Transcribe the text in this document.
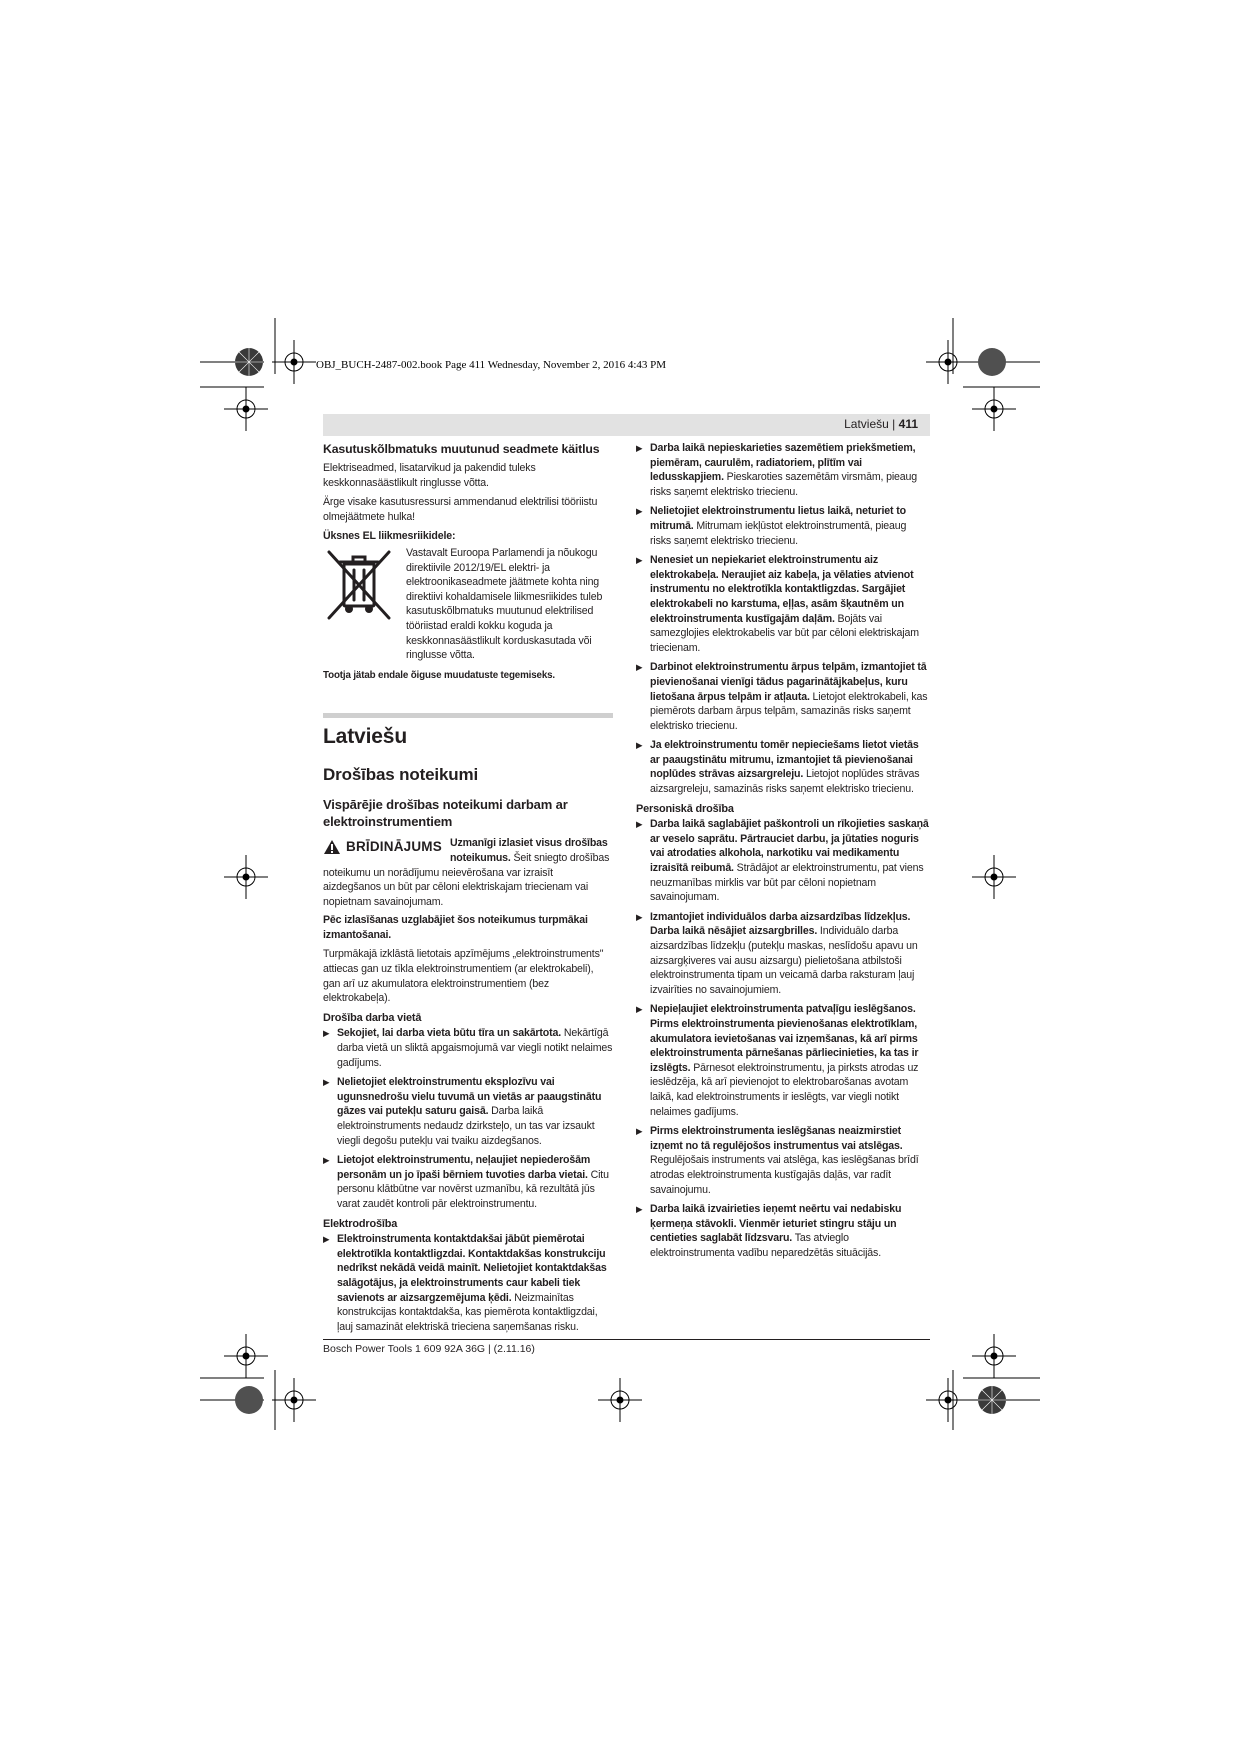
OBJ_BUCH-2487-002.book Page 411 Wednesday, November 2, 2016 4:43 PM
Latviešu | 411
Kasutuskõlbmatuks muutunud seadmete käitlus

Elektriseadmed, lisatarvikud ja pakendid tuleks keskkonnasäästlikult ringlusse võtta.

Ärge visake kasutusressursi ammendanud elektrilisi tööriistu olmejäätmete hulka!

Üksnes EL liikmesriikidele:
Vastavalt Euroopa Parlamendi ja nõukogu direktiivile 2012/19/EL elektri- ja elektroonikaseadmete jäätmete kohta ning direktiivi kohaldamisele liikmesriikides tuleb kasutuskõlbmatuks muutunud elektrilised tööriistad eraldi kokku koguda ja keskkonnasäästlikult korduskasutada või ringlusse võtta.

Tootja jätab endale õiguse muudatuste tegemiseks.

Latviešu
Drošības noteikumi
Vispārējie drošības noteikumi darbam ar elektroinstrumentiem
BRĪDINĀJUMS Uzmanīgi izlasiet visus drošības noteikumus. Šeit sniegto drošības noteikumu un norādījumu neievērošana var izraisīt aizdegšanos un būt par cēloni elektriskajam triecienam vai nopietnam savainojumam.

Pēc izlasīšanas uzglabājiet šos noteikumus turpmākai izmantošanai.

Turpmākajā izklāstā lietotais apzīmējums „elektroinstruments" attiecas gan uz tīkla elektroinstrumentiem (ar elektrokabeli), gan arī uz akumulatora elektroinstrumentiem (bez elektrokabeļa).

Drošība darba vietā
▶ Sekojiet, lai darba vieta būtu tīra un sakārtota. Nekārtīgā darba vietā un sliktā apgaismojumā var viegli notikt nelaimes gadījums.
▶ Nelietojiet elektroinstrumentu eksplozīvu vai ugunsnedrošu vielu tuvumā un vietās ar paaugstinātu gāzes vai putekļu saturu gaisā. Darba laikā elektroinstruments nedaudz dzirksteļo, un tas var izsaukt viegli degošu putekļu vai tvaiku aizdegšanos.
▶ Lietojot elektroinstrumentu, neļaujiet nepiederošām personām un jo īpaši bērniem tuvoties darba vietai. Citu personu klātbūtne var novērst uzmanību, kā rezultātā jūs varat zaudēt kontroli pār elektroinstrumentu.
Elektrodrošība
▶ Elektroinstrumenta kontaktdakšai jābūt piemērotai elektrotīkla kontaktligzdai. Kontaktdakšas konstrukciju nedrīkst nekādā veidā mainīt. Nelietojiet kontaktdakšas salāgotājus, ja elektroinstruments caur kabeli tiek savienots ar aizsargzemējuma ķēdi. Neizmainītas konstrukcijas kontaktdakša, kas piemērota kontaktligzdai, ļauj samazināt elektriskā trieciena saņemšanas risku.
▶ Darba laikā nepieskarieties sazemētiem priekšmetiem, piemēram, caurulēm, radiatoriem, plītīm vai ledusskapjiem. Pieskaroties sazemētām virsmām, pieaug risks saņemt elektrisko triecienu.
▶ Nelietojiet elektroinstrumentu lietus laikā, neturiet to mitrumā. Mitrumam iekļūstot elektroinstrumentā, pieaug risks saņemt elektrisko triecienu.
▶ Nenesiet un nepiekariet elektroinstrumentu aiz elektrokabeļa. Neraujiet aiz kabeļa, ja vēlaties atvienot instrumentu no elektrotīkla kontaktligzdas. Sargājiet elektrokabeli no karstuma, eļļas, asām šķautnēm un elektroinstrumenta kustīgajām daļām. Bojāts vai samezglojies elektrokabelis var būt par cēloni elektriskajam triecienam.
▶ Darbinot elektroinstrumentu ārpus telpām, izmantojiet tā pievienošanai vienīgi tādus pagarinātājkabeļus, kuru lietošana ārpus telpām ir atļauta. Lietojot elektrokabeli, kas piemērots darbam ārpus telpām, samazinās risks saņemt elektrisko triecienu.
▶ Ja elektroinstrumentu tomēr nepieciešams lietot vietās ar paaugstinātu mitrumu, izmantojiet tā pievienošanai noplūdes strāvas aizsargreleju. Lietojot noplūdes strāvas aizsargreleju, samazinās risks saņemt elektrisko triecienu.
Personiskā drošība
▶ Darba laikā saglabājiet paškontroli un rīkojieties saskaņā ar veselo saprātu. Pārtrauciet darbu, ja jūtaties noguris vai atrodaties alkohola, narkotiku vai medikamentu izraisītā reibumā. Strādājot ar elektroinstrumentu, pat viens neuzmanības mirklis var būt par cēloni nopietnam savainojumam.
▶ Izmantojiet individuālos darba aizsardzības līdzekļus. Darba laikā nēsājiet aizsargbrilles. Individuālo darba aizsardzības līdzekļu (putekļu maskas, neslīdošu apavu un aizsargķiveres vai ausu aizsargu) pielietošana atbilstoši elektroinstrumenta tipam un veicamā darba raksturam ļauj izvairīties no savainojumiem.
▶ Nepieļaujiet elektroinstrumenta patvaļīgu ieslēgšanos. Pirms elektroinstrumenta pievienošanas elektrotīklam, akumulatora ievietošanas vai izņemšanas, kā arī pirms elektroinstrumenta pārnešanas pārliecinieties, ka tas ir izslēgts. Pārnesot elektroinstrumentu, ja pirksts atrodas uz ieslēdzēja, kā arī pievienojot to elektrobarošanas avotam laikā, kad elektroinstruments ir ieslēgts, var viegli notikt nelaimes gadījums.
▶ Pirms elektroinstrumenta ieslēgšanas neaizmirstiet izņemt no tā regulējošos instrumentus vai atslēgas. Regulējošais instruments vai atslēga, kas ieslēgšanas brīdī atrodas elektroinstrumenta kustīgajās daļās, var radīt savainojumu.
▶ Darba laikā izvairieties ieņemt neērtu vai nedabisku ķermeņa stāvokli. Vienmēr ieturiet stingru stāju un centieties saglabāt līdzsvaru. Tas atvieglo elektroinstrumenta vadību neparedzētās situācijās.
Bosch Power Tools 1 609 92A 36G | (2.11.16)
